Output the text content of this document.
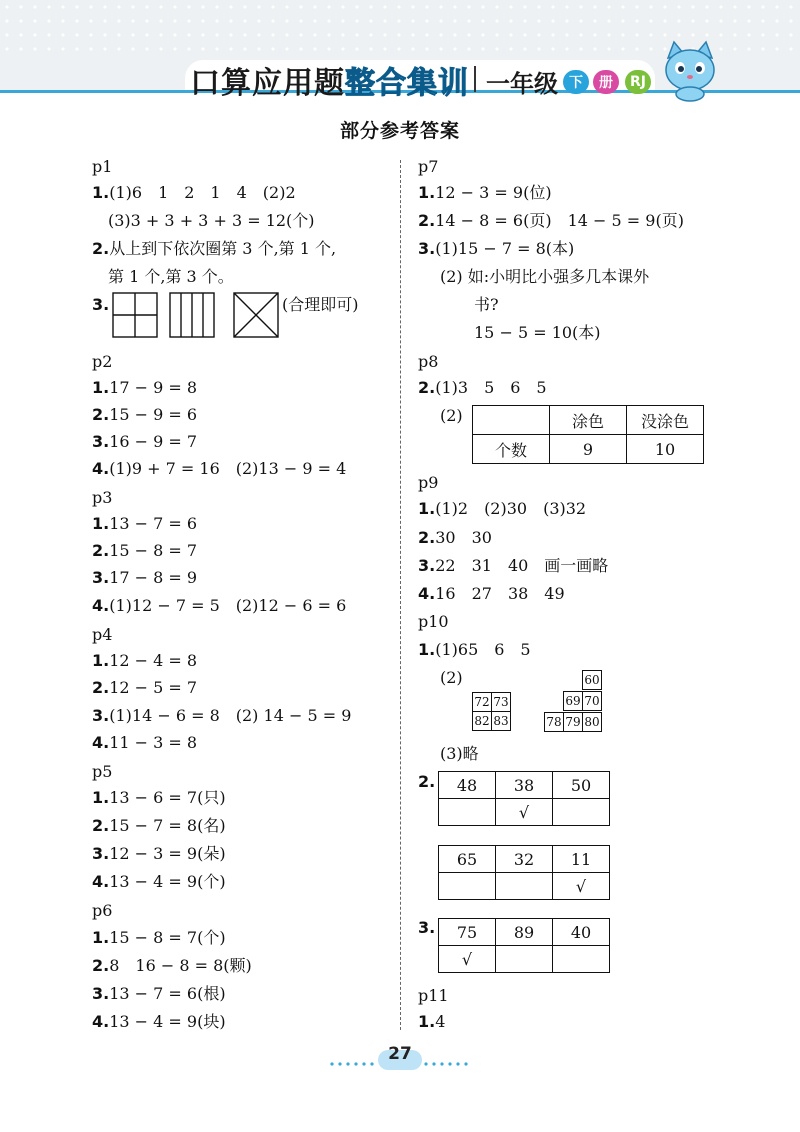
口算应用题整合集训 一年级 下	册	RJ
部分参考答案
p1
1.(1)6　1　2　1　4　(2)2
(3)3 + 3 + 3 + 3 = 12(个)
2.从上到下依次圈第 3 个,第 1 个,
第 1 个,第 3 个。
3.	(合理即可)
p2
1.17 − 9 = 8
2.15 − 9 = 6
3.16 − 9 = 7
4.(1)9 + 7 = 16　(2)13 − 9 = 4
p3
1.13 − 7 = 6
2.15 − 8 = 7
3.17 − 8 = 9
4.(1)12 − 7 = 5　(2)12 − 6 = 6
p4
1.12 − 4 = 8
2.12 − 5 = 7
3.(1)14 − 6 = 8　(2) 14 − 5 = 9
4.11 − 3 = 8
p5
1.13 − 6 = 7(只)
2.15 − 7 = 8(名)
3.12 − 3 = 9(朵)
4.13 − 4 = 9(个)
p6
1.15 − 8 = 7(个)
2.8　16 − 8 = 8(颗)
3.13 − 7 = 6(根)
4.13 − 4 = 9(块)
p7
1.12 − 3 = 9(位)
2.14 − 8 = 6(页)　14 − 5 = 9(页)
3.(1)15 − 7 = 8(本)
(2) 如:小明比小强多几本课外
书?
15 − 5 = 10(本)
p8
2.(1)3　5　6　5
(2)
		涂色	没涂色
个数	9	10
p9
1.(1)2　(2)30　(3)32
2.30　30
3.22　31　40　画一画略
4.16　27　38　49
p10
1.(1)65　6　5
(2)
72 73
82 83
60
69 70
78 79 80
(3)略
2. 48	38	50
	√	
65	32	11
		√
3. 75	89	40
√		
p11
1.4
27
